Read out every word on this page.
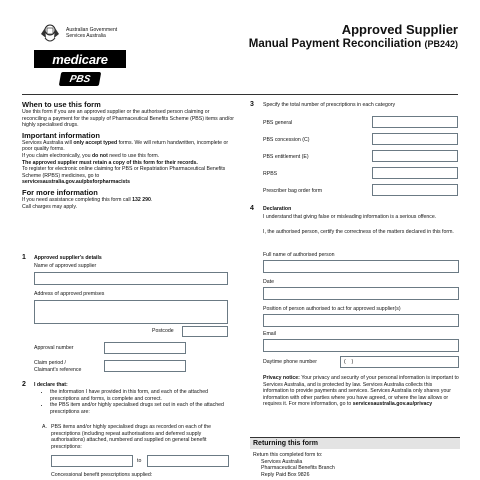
Australian Government
Services Australia
medicare
PBS
Approved Supplier
Manual Payment Reconciliation (PB242)
When to use this form
Use this form if you are an approved supplier or the authorised person claiming or reconciling a payment for the supply of Pharmaceutical Benefits Scheme (PBS) items and/or highly specialised drugs.
Important information
Services Australia will only accept typed forms. We will return handwritten, incomplete or poor quality forms.
If you claim electronically, you do not need to use this form.
The approved supplier must retain a copy of this form for their records.
To register for electronic online claiming for PBS or Repatriation Pharmaceutical Benefits Scheme (RPBS) medicines, go to
servicesaustralia.gov.au/pbsforpharmacists
For more information
If you need assistance completing this form call 132 290.
Call charges may apply.
1 Approved supplier's details
Name of approved supplier
Address of approved premises
Postcode
Approval number
Claim period /
Claimant's reference
2 I declare that:
• the information I have provided in this form, and each of the attached prescriptions and forms, is complete and correct.
• the PBS item and/or highly specialised drugs set out in each of the attached prescriptions are:
A. PBS items and/or highly specialised drugs as recorded on each of the prescriptions (including repeat authorisations and deferred supply authorisations) attached, numbered and supplied on general benefit prescriptions:
to
Concessional benefit prescriptions supplied:
3 Specify the total number of prescriptions in each category
PBS general
PBS concession (C)
PBS entitlement (E)
RPBS
Prescriber bag order form
4 Declaration
I understand that giving false or misleading information is a serious offence.
I, the authorised person, certify the correctness of the matters declared in this form.
Full name of authorised person
Date
Position of person authorised to act for approved supplier(s)
Email
Daytime phone number	(    )
Privacy notice: Your privacy and security of your personal information is important to Services Australia, and is protected by law. Services Australia collects this information to provide payments and services. Services Australia only shares your information with other parties where you have agreed, or where the law allows or requires it. For more information, go to servicesaustralia.gov.au/privacy
Returning this form
Return this completed form to:
Services Australia
Pharmaceutical Benefits Branch
Reply Paid Box 9826
